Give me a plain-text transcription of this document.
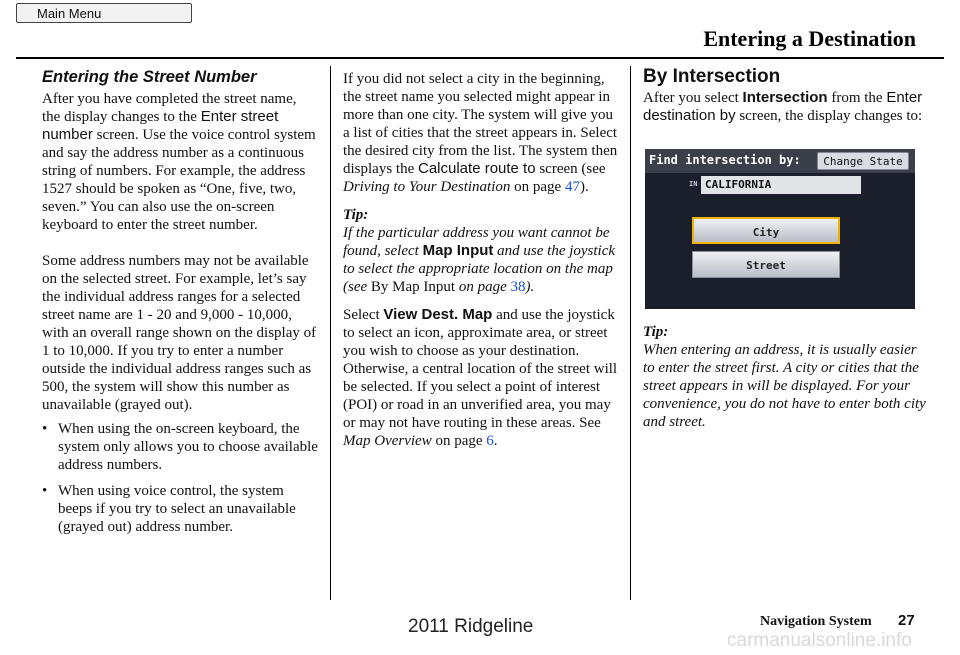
Main Menu
Entering a Destination
Entering the Street Number

After you have completed the street name, the display changes to the Enter street number screen. Use the voice control system and say the address number as a continuous string of numbers. For example, the address 1527 should be spoken as “One, five, two, seven.” You can also use the on-screen keyboard to enter the street number.

Some address numbers may not be available on the selected street. For example, let’s say the individual address ranges for a selected street name are 1 - 20 and 9,000 - 10,000, with an overall range shown on the display of 1 to 10,000. If you try to enter a number outside the individual address ranges such as 500, the system will show this number as unavailable (grayed out).

• When using the on-screen keyboard, the system only allows you to choose available address numbers.
• When using voice control, the system beeps if you try to select an unavailable (grayed out) address number.

If you did not select a city in the beginning, the street name you selected might appear in more than one city. The system will give you a list of cities that the street appears in. Select the desired city from the list. The system then displays the Calculate route to screen (see Driving to Your Destination on page 47).

Tip:

If the particular address you want cannot be found, select Map Input and use the joystick to select the appropriate location on the map (see By Map Input on page 38).

Select View Dest. Map and use the joystick to select an icon, approximate area, or street you wish to choose as your destination. Otherwise, a central location of the street will be selected. If you select a point of interest (POI) or road in an unverified area, you may or may not have routing in these areas. See Map Overview on page 6.

By Intersection

After you select Intersection from the Enter destination by screen, the display changes to:

Find intersection by:	Change State
IN CALIFORNIA
City
Street
Tip:
When entering an address, it is usually easier to enter the street first. A city or cities that the street appears in will be displayed. For your convenience, you do not have to enter both city and street.
Navigation System 27
2011 Ridgeline
carmanualsonline.info
